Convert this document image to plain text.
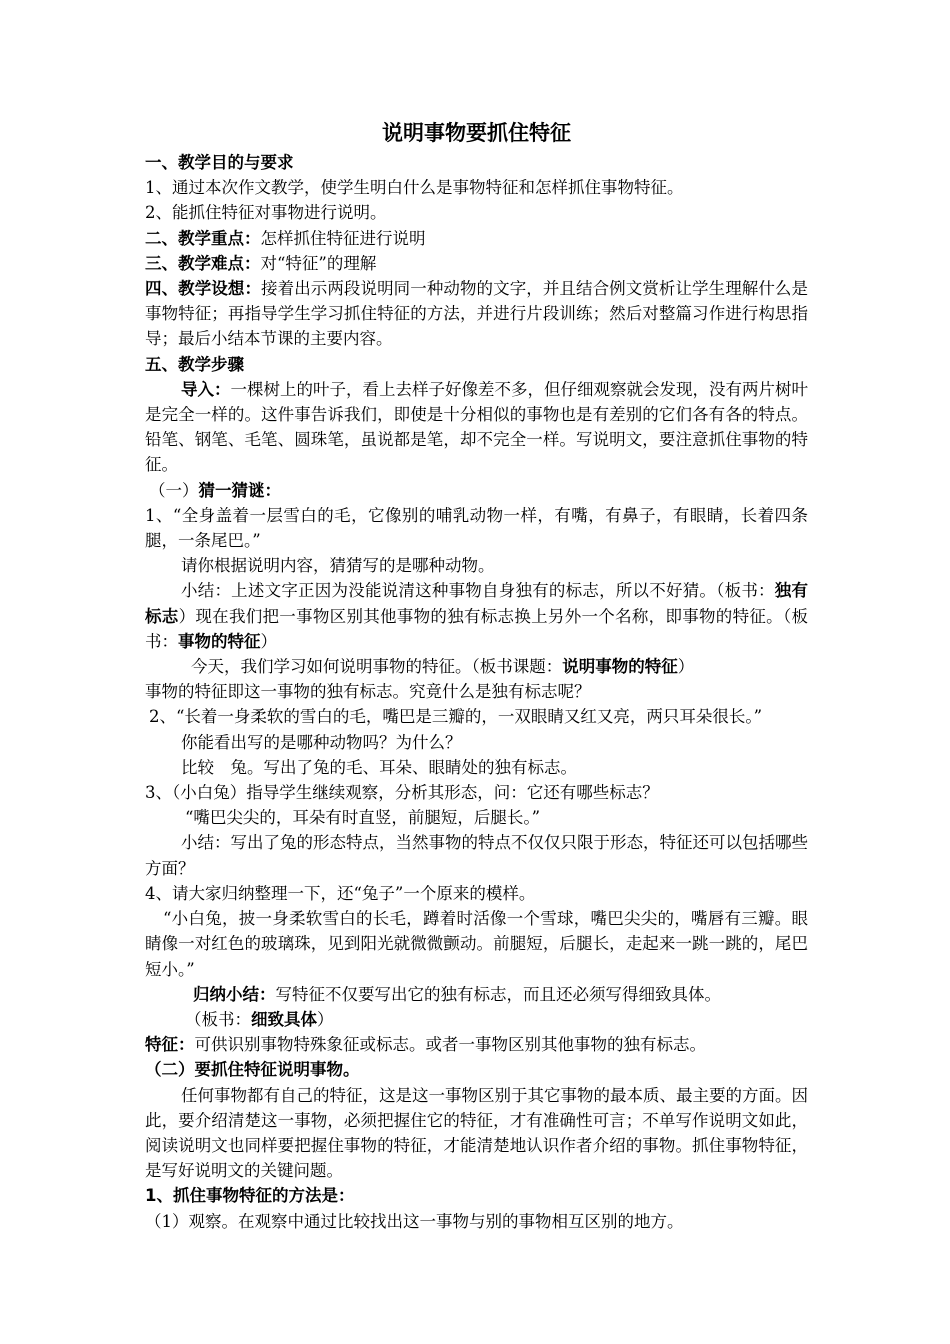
说明事物要抓住特征

一、教学目的与要求

1、通过本次作文教学，使学生明白什么是事物特征和怎样抓住事物特征。

2、能抓住特征对事物进行说明。

二、教学重点：怎样抓住特征进行说明

三、教学难点：对“特征”的理解

四、教学设想：接着出示两段说明同一种动物的文字，并且结合例文赏析让学生理解什么是事物特征；再指导学生学习抓住特征的方法，并进行片段训练；然后对整篇习作进行构思指导；最后小结本节课的主要内容。

五、教学步骤

导入：一棵树上的叶子，看上去样子好像差不多，但仔细观察就会发现，没有两片树叶是完全一样的。这件事告诉我们，即使是十分相似的事物也是有差别的它们各有各的特点。铅笔、钢笔、毛笔、圆珠笔，虽说都是笔，却不完全一样。写说明文，要注意抓住事物的特征。

（一）猜一猜谜：

1、“全身盖着一层雪白的毛，它像别的哺乳动物一样，有嘴，有鼻子，有眼睛，长着四条腿，一条尾巴。”

请你根据说明内容，猜猜写的是哪种动物。

小结：上述文字正因为没能说清这种事物自身独有的标志，所以不好猜。（板书：独有标志）现在我们把一事物区别其他事物的独有标志换上另外一个名称，即事物的特征。（板书：事物的特征）

今天，我们学习如何说明事物的特征。（板书课题：说明事物的特征）

事物的特征即这一事物的独有标志。究竟什么是独有标志呢？

2、“长着一身柔软的雪白的毛，嘴巴是三瓣的，一双眼睛又红又亮，两只耳朵很长。”

你能看出写的是哪种动物吗？为什么？

比较　兔。写出了兔的毛、耳朵、眼睛处的独有标志。

3、（小白兔）指导学生继续观察，分析其形态，问：它还有哪些标志？

“嘴巴尖尖的，耳朵有时直竖，前腿短，后腿长。”

小结：写出了兔的形态特点，当然事物的特点不仅仅只限于形态，特征还可以包括哪些方面？

4、请大家归纳整理一下，还“兔子”一个原来的模样。

“小白兔，披一身柔软雪白的长毛，蹲着时活像一个雪球，嘴巴尖尖的，嘴唇有三瓣。眼睛像一对红色的玻璃珠，见到阳光就微微颤动。前腿短，后腿长，走起来一跳一跳的，尾巴短小。”

归纳小结：写特征不仅要写出它的独有标志，而且还必须写得细致具体。

（板书：细致具体）

特征：可供识别事物特殊象征或标志。或者一事物区别其他事物的独有标志。

（二）要抓住特征说明事物。

任何事物都有自己的特征，这是这一事物区别于其它事物的最本质、最主要的方面。因此，要介绍清楚这一事物，必须把握住它的特征，才有准确性可言；不单写作说明文如此，阅读说明文也同样要把握住事物的特征，才能清楚地认识作者介绍的事物。抓住事物特征，是写好说明文的关键问题。

1、抓住事物特征的方法是：

（1）观察。在观察中通过比较找出这一事物与别的事物相互区别的地方。
